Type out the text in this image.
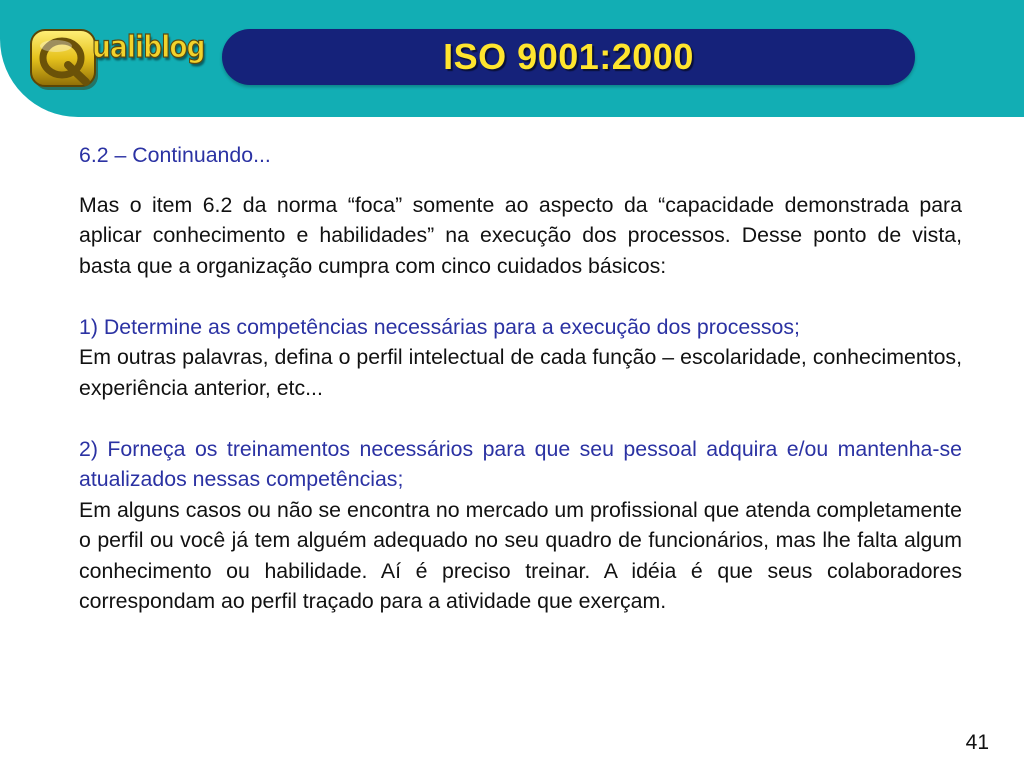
ualiblog	ISO 9001:2000

6.2 – Continuando...

Mas o item 6.2 da norma “foca” somente ao aspecto da “capacidade demonstrada para aplicar conhecimento e habilidades” na execução dos processos. Desse ponto de vista, basta que a organização cumpra com cinco cuidados básicos:

1) Determine as competências necessárias para a execução dos processos;

Em outras palavras, defina o perfil intelectual de cada função – escolaridade, conhecimentos, experiência anterior, etc...

2) Forneça os treinamentos necessários para que seu pessoal adquira e/ou mantenha-se atualizados nessas competências;

Em alguns casos ou não se encontra no mercado um profissional que atenda completamente o perfil ou você já tem alguém adequado no seu quadro de funcionários, mas lhe falta algum conhecimento ou habilidade. Aí é preciso treinar. A idéia é que seus colaboradores correspondam ao perfil traçado para a atividade que exerçam.

41
